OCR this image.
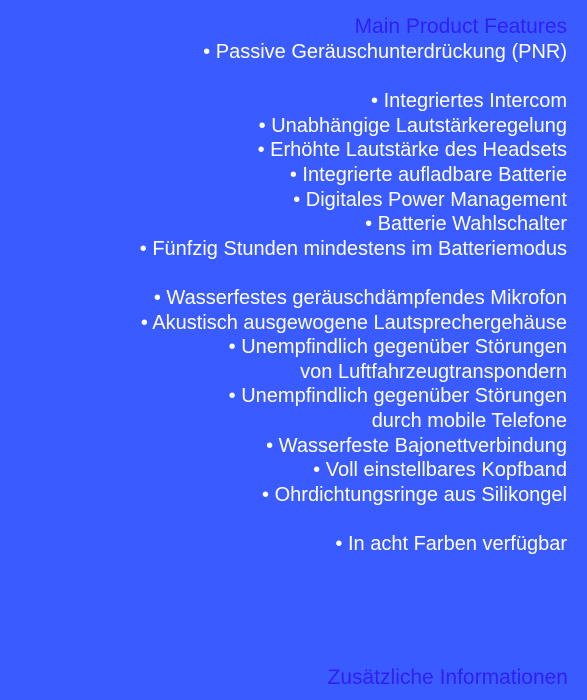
Main Product Features

• Passive Geräuschunterdrückung (PNR)

• Integriertes Intercom

• Unabhängige Lautstärkeregelung

• Erhöhte Lautstärke des Headsets

• Integrierte aufladbare Batterie

• Digitales Power Management

• Batterie Wahlschalter

• Fünfzig Stunden mindestens im Batteriemodus

• Wasserfestes geräuschdämpfendes Mikrofon

• Akustisch ausgewogene Lautsprechergehäuse

• Unempfindlich gegenüber Störungen

von Luftfahrzeugtranspondern

• Unempfindlich gegenüber Störungen

durch mobile Telefone

• Wasserfeste Bajonettverbindung

• Voll einstellbares Kopfband

• Ohrdichtungsringe aus Silikongel

• In acht Farben verfügbar

Zusätzliche Informationen
